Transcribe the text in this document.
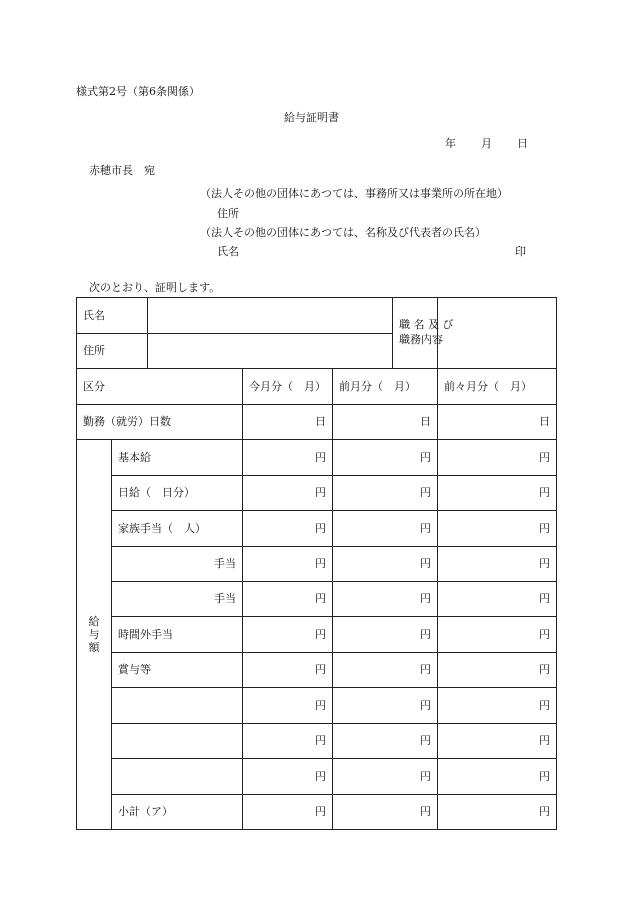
様式第2号（第6条関係）
給与証明書
年 月 日
赤穂市長　宛
（法人その他の団体にあつては、事務所又は事業所の所在地）
住所
（法人その他の団体にあつては、名称及び代表者の氏名）
氏名	印
次のとおり、証明します。
氏名					職 名 及 び
職務内容	

住所						
区分			今月分（　月）	前月分（　月）		前々月分（　月）
勤務（就労）日数			日	日		日

給
与
額	基本給		円	円		円
	日給（　日分）		円	円		円
	家族手当（　人）		円	円		円
	手当		円	円		円
	手当		円	円		円
	時間外手当		円	円		円
	賞与等		円	円		円
			円	円		円
			円	円		円
			円	円		円
	小計（ア）		円	円		円
